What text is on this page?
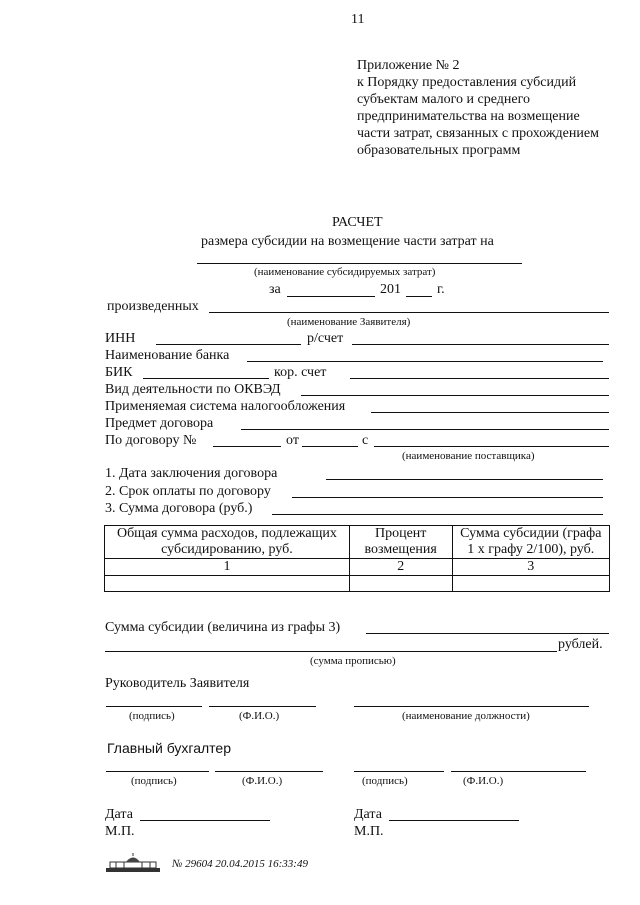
11
Приложение № 2
к Порядку предоставления субсидий субъектам малого и среднего предпринимательства на возмещение части затрат, связанных с прохождением образовательных программ
РАСЧЕТ
размера субсидии на возмещение части затрат на
(наименование субсидируемых затрат)
за	201	г.
произведенных
(наименование Заявителя)
ИНН	р/счет
Наименование банка
БИК	кор. счет
Вид деятельности по ОКВЭД
Применяемая система налогообложения
Предмет договора
По договору №	от	с
(наименование поставщика)
1. Дата заключения договора
2. Срок оплаты по договору
3. Сумма договора (руб.)
Общая сумма расходов, подлежащих субсидированию, руб.	Процент возмещения	Сумма субсидии (графа 1 x графу 2/100), руб.
1	2	3

Сумма субсидии (величина из графы 3)
рублей.
(сумма прописью)
Руководитель Заявителя
(подпись)	(Ф.И.О.)	(наименование должности)
Главный бухгалтер
(подпись)	(Ф.И.О.)	(подпись)	(Ф.И.О.)
Дата
М.П.
Дата
М.П.
№ 29604 20.04.2015 16:33:49
